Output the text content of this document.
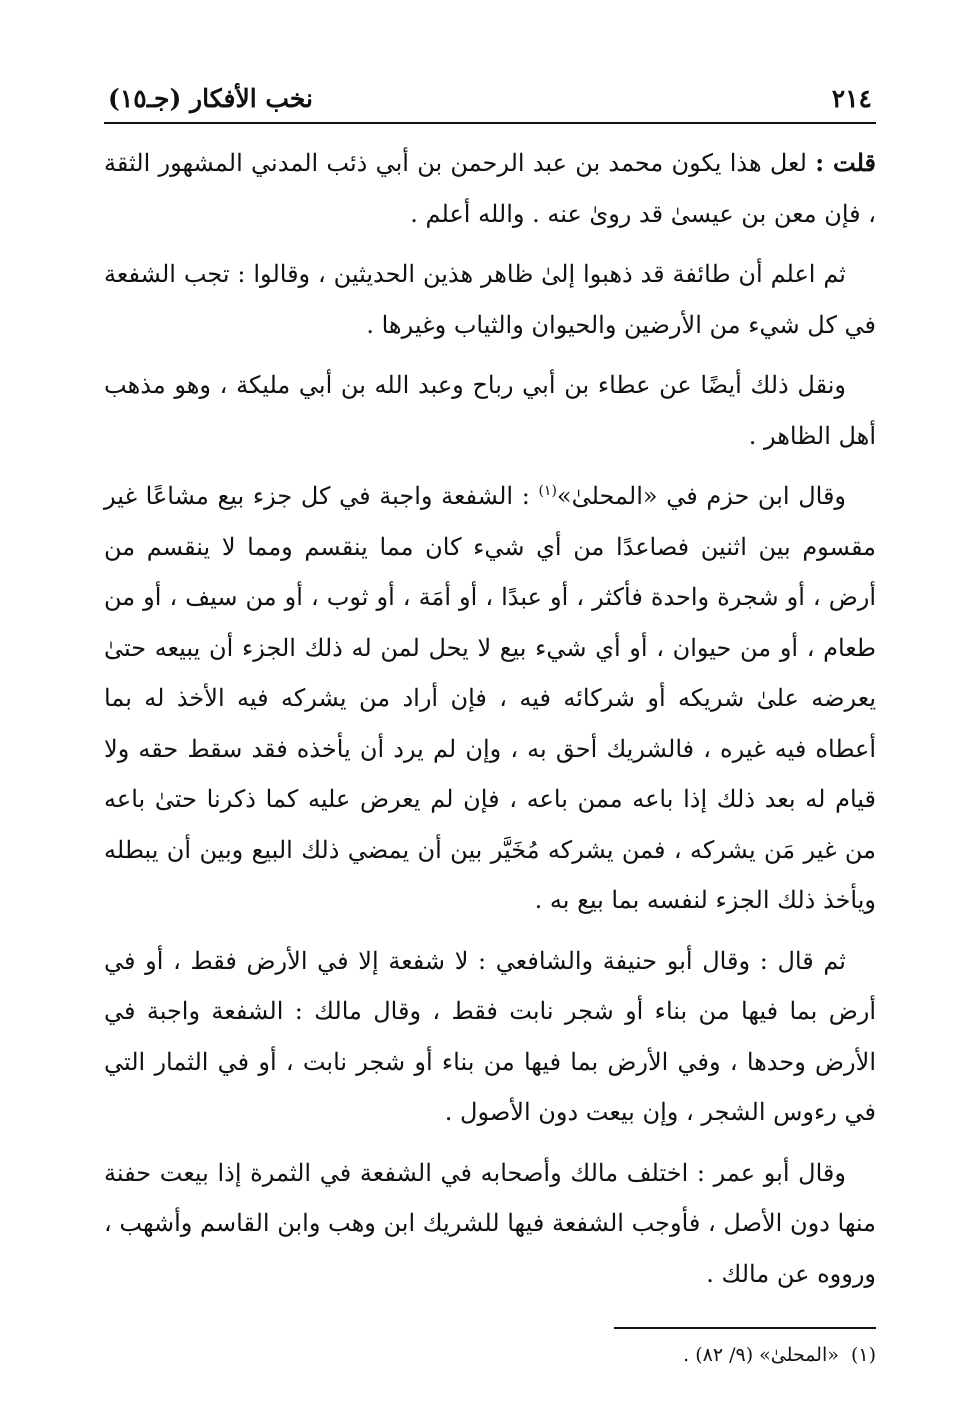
٢١٤
نخب الأفكار (جـ١٥)

قلت : لعل هذا يكون محمد بن عبد الرحمن بن أبي ذئب المدني المشهور الثقة ، فإن معن بن عيسىٰ قد روىٰ عنه . والله أعلم .

ثم اعلم أن طائفة قد ذهبوا إلىٰ ظاهر هذين الحديثين ، وقالوا : تجب الشفعة في كل شيء من الأرضين والحيوان والثياب وغيرها .

ونقل ذلك أيضًا عن عطاء بن أبي رباح وعبد الله بن أبي مليكة ، وهو مذهب أهل الظاهر .

وقال ابن حزم في «المحلىٰ»$^{(١)}$ : الشفعة واجبة في كل جزء بيع مشاعًا غير مقسوم بين اثنين فصاعدًا من أي شيء كان مما ينقسم ومما لا ينقسم من أرض ، أو شجرة واحدة فأكثر ، أو عبدًا ، أو أمَة ، أو ثوب ، أو من سيف ، أو من طعام ، أو من حيوان ، أو أي شيء بيع لا يحل لمن له ذلك الجزء أن يبيعه حتىٰ يعرضه علىٰ شريكه أو شركائه فيه ، فإن أراد من يشركه فيه الأخذ له بما أعطاه فيه غيره ، فالشريك أحق به ، وإن لم يرد أن يأخذه فقد سقط حقه ولا قيام له بعد ذلك إذا باعه ممن باعه ، فإن لم يعرض عليه كما ذكرنا حتىٰ باعه من غير مَن يشركه ، فمن يشركه مُخَيَّر بين أن يمضي ذلك البيع وبين أن يبطله ويأخذ ذلك الجزء لنفسه بما بيع به .

ثم قال : وقال أبو حنيفة والشافعي : لا شفعة إلا في الأرض فقط ، أو في أرض بما فيها من بناء أو شجر نابت فقط ، وقال مالك : الشفعة واجبة في الأرض وحدها ، وفي الأرض بما فيها من بناء أو شجر نابت ، أو في الثمار التي في رءوس الشجر ، وإن بيعت دون الأصول .

وقال أبو عمر : اختلف مالك وأصحابه في الشفعة في الثمرة إذا بيعت حفنة منها دون الأصل ، فأوجب الشفعة فيها للشريك ابن وهب وابن القاسم وأشهب ، ورووه عن مالك .

(١) «المحلىٰ» (٩/ ٨٢) .
